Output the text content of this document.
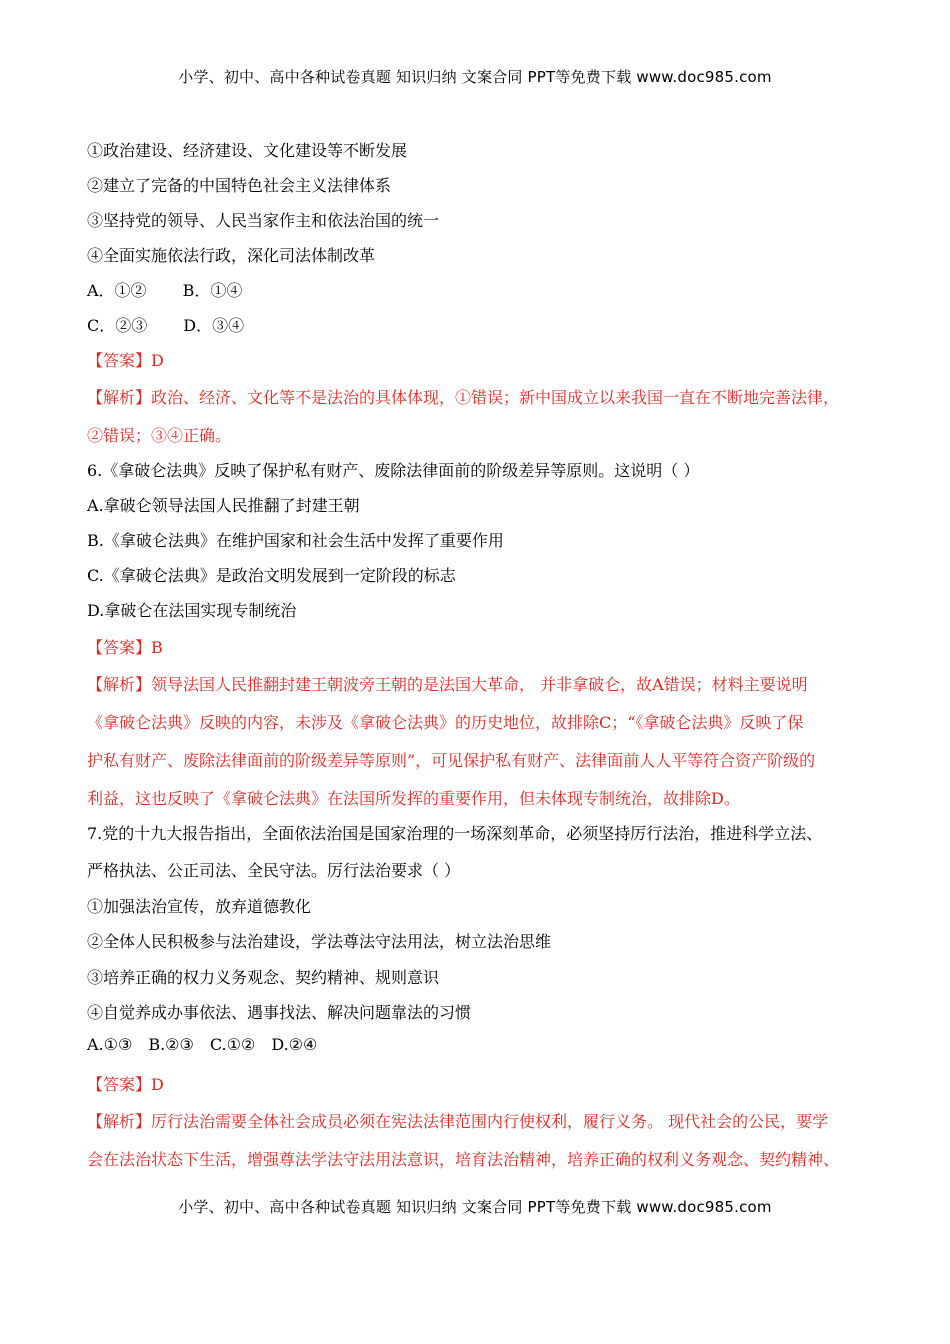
小学、初中、高中各种试卷真题 知识归纳 文案合同 PPT等免费下载 www.doc985.com
①政治建设、经济建设、文化建设等不断发展
②建立了完备的中国特色社会主义法律体系
③坚持党的领导、人民当家作主和依法治国的统一
④全面实施依法行政，深化司法体制改革
A．①② B．①④
C．②③ D．③④
【答案】D
【解析】政治、经济、文化等不是法治的具体体现，①错误；新中国成立以来我国一直在不断地完善法律，
②错误；③④正确。
6.《拿破仑法典》反映了保护私有财产、废除法律面前的阶级差异等原则。这说明（ ）
A.拿破仑领导法国人民推翻了封建王朝
B.《拿破仑法典》在维护国家和社会生活中发挥了重要作用
C.《拿破仑法典》是政治文明发展到一定阶段的标志
D.拿破仑在法国实现专制统治
【答案】B
【解析】领导法国人民推翻封建王朝波旁王朝的是法国大革命， 并非拿破仑，故A错误；材料主要说明
《拿破仑法典》反映的内容，未涉及《拿破仑法典》的历史地位，故排除C；“《拿破仑法典》反映了保
护私有财产、废除法律面前的阶级差异等原则”，可见保护私有财产、法律面前人人平等符合资产阶级的
利益，这也反映了《拿破仑法典》在法国所发挥的重要作用，但未体现专制统治，故排除D。
7.党的十九大报告指出，全面依法治国是国家治理的一场深刻革命，必须坚持厉行法治，推进科学立法、
严格执法、公正司法、全民守法。厉行法治要求（ ）
①加强法治宣传，放弃道德教化
②全体人民积极参与法治建设，学法尊法守法用法，树立法治思维
③培养正确的权力义务观念、契约精神、规则意识
④自觉养成办事依法、遇事找法、解决问题靠法的习惯
A.①③ B.②③ C.①② D.②④
【答案】D
【解析】厉行法治需要全体社会成员必须在宪法法律范围内行使权利，履行义务。 现代社会的公民，要学
会在法治状态下生活，增强尊法学法守法用法意识，培育法治精神，培养正确的权利义务观念、契约精神、
小学、初中、高中各种试卷真题 知识归纳 文案合同 PPT等免费下载 www.doc985.com
